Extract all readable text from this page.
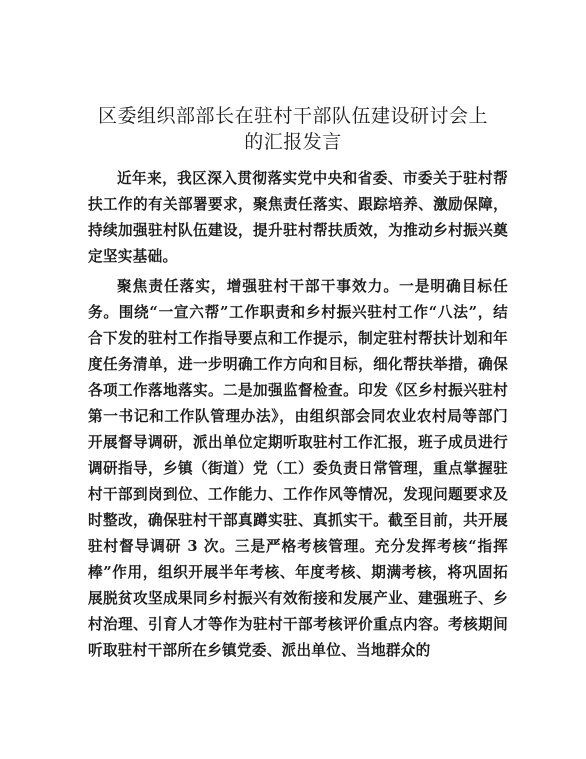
区委组织部部长在驻村干部队伍建设研讨会上
的汇报发言

近年来，我区深入贯彻落实党中央和省委、市委关于驻村帮扶工作的有关部署要求，聚焦责任落实、跟踪培养、激励保障，持续加强驻村队伍建设，提升驻村帮扶质效，为推动乡村振兴奠定坚实基础。

聚焦责任落实，增强驻村干部干事效力。一是明确目标任务。围绕“一宣六帮”工作职责和乡村振兴驻村工作“八法”，结合下发的驻村工作指导要点和工作提示，制定驻村帮扶计划和年度任务清单，进一步明确工作方向和目标，细化帮扶举措，确保各项工作落地落实。二是加强监督检查。印发《区乡村振兴驻村第一书记和工作队管理办法》，由组织部会同农业农村局等部门开展督导调研，派出单位定期听取驻村工作汇报，班子成员进行调研指导，乡镇（街道）党（工）委负责日常管理，重点掌握驻村干部到岗到位、工作能力、工作作风等情况，发现问题要求及时整改，确保驻村干部真蹲实驻、真抓实干。截至目前，共开展驻村督导调研 3 次。三是严格考核管理。充分发挥考核“指挥棒”作用，组织开展半年考核、年度考核、期满考核，将巩固拓展脱贫攻坚成果同乡村振兴有效衔接和发展产业、建强班子、乡村治理、引育人才等作为驻村干部考核评价重点内容。考核期间听取驻村干部所在乡镇党委、派出单位、当地群众的
